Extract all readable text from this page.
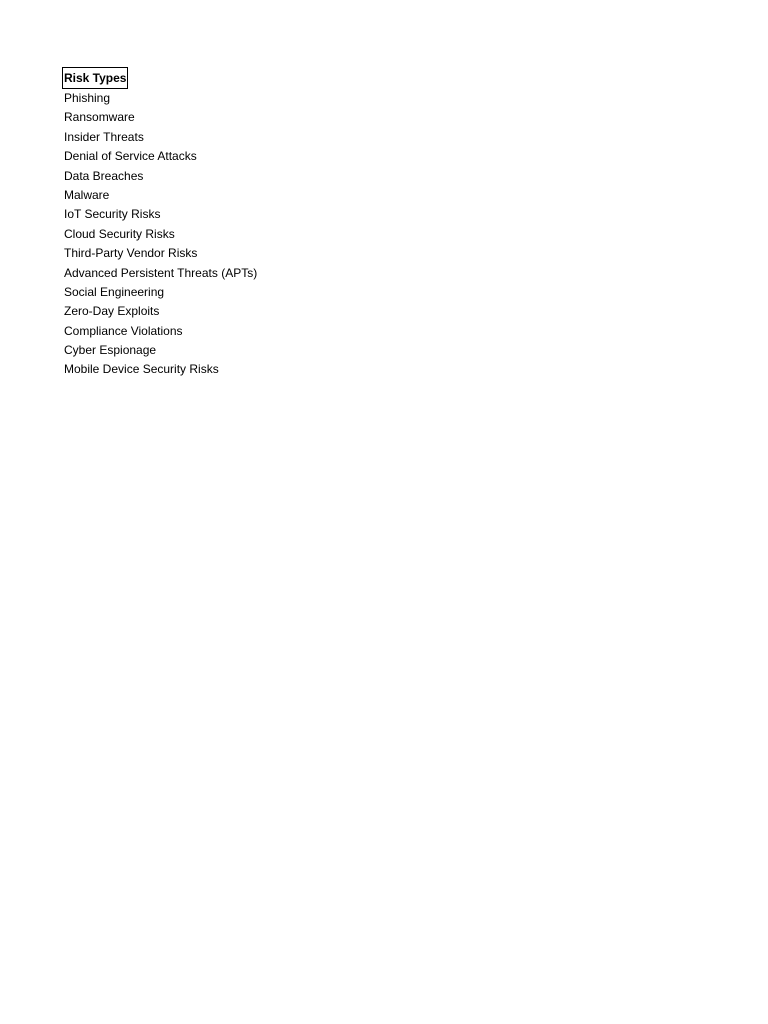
Risk Types
Phishing
Ransomware
Insider Threats
Denial of Service Attacks
Data Breaches
Malware
IoT Security Risks
Cloud Security Risks
Third-Party Vendor Risks
Advanced Persistent Threats (APTs)
Social Engineering
Zero-Day Exploits
Compliance Violations
Cyber Espionage
Mobile Device Security Risks
